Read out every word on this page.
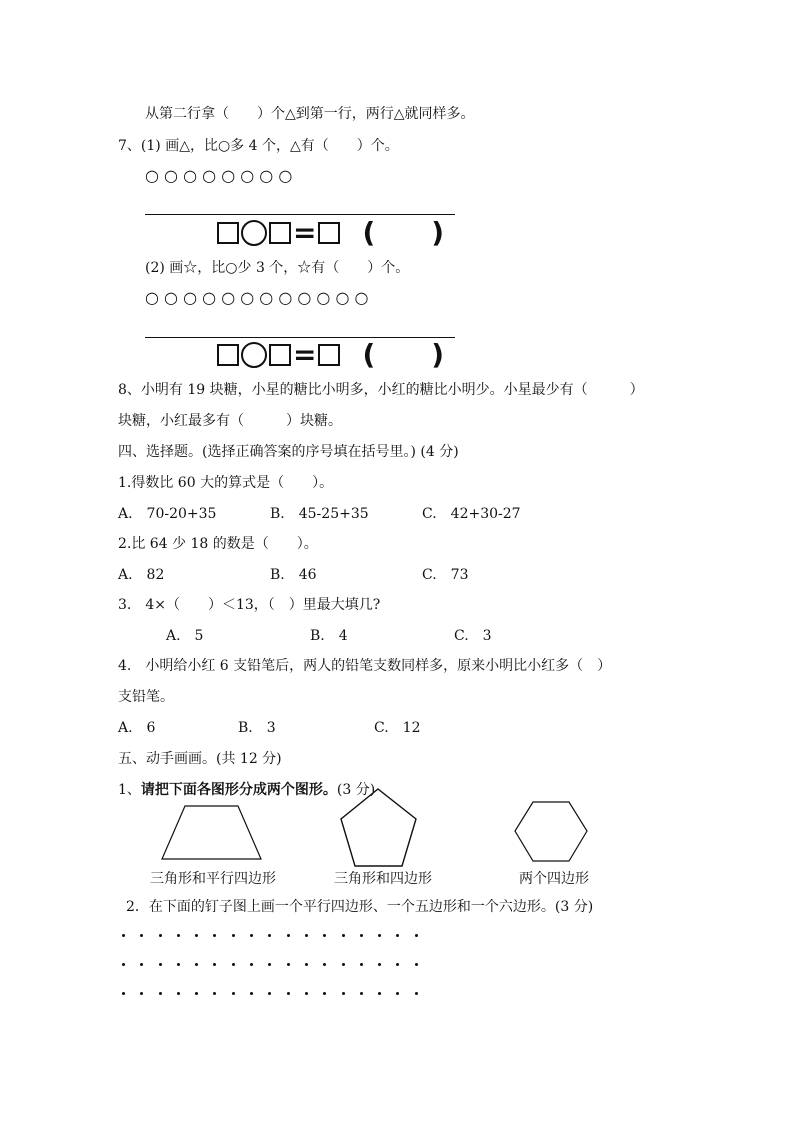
从第二行拿（　　）个△到第一行，两行△就同样多。
7、(1) 画△，比○多 4 个，△有（　　）个。
○ ○ ○ ○ ○ ○ ○ ○
= (　　)
(2) 画☆，比○少 3 个，☆有（　　）个。
○ ○ ○ ○ ○ ○ ○ ○ ○ ○ ○ ○
= (　　)
8、小明有 19 块糖，小星的糖比小明多，小红的糖比小明少。小星最少有（　　　）
块糖，小红最多有（　　　）块糖。
四、选择题。(选择正确答案的序号填在括号里。) (4 分)
1.得数比 60 大的算式是（　　）。
A.　70-20+35	B.　45-25+35	C.　42+30-27
2.比 64 少 18 的数是（　　）。
A.　82	B.　46	C.　73
3.　4×（　　）＜13，（　）里最大填几?
A.　5	B.　4	C.　3
4.　小明给小红 6 支铅笔后，两人的铅笔支数同样多，原来小明比小红多（　）
支铅笔。
A.　6	B.　3	C.　12
五、动手画画。(共 12 分)
1、请把下面各图形分成两个图形。(3 分)
三角形和平行四边形	三角形和四边形	两个四边形
2．在下面的钉子图上画一个平行四边形、一个五边形和一个六边形。(3 分)
